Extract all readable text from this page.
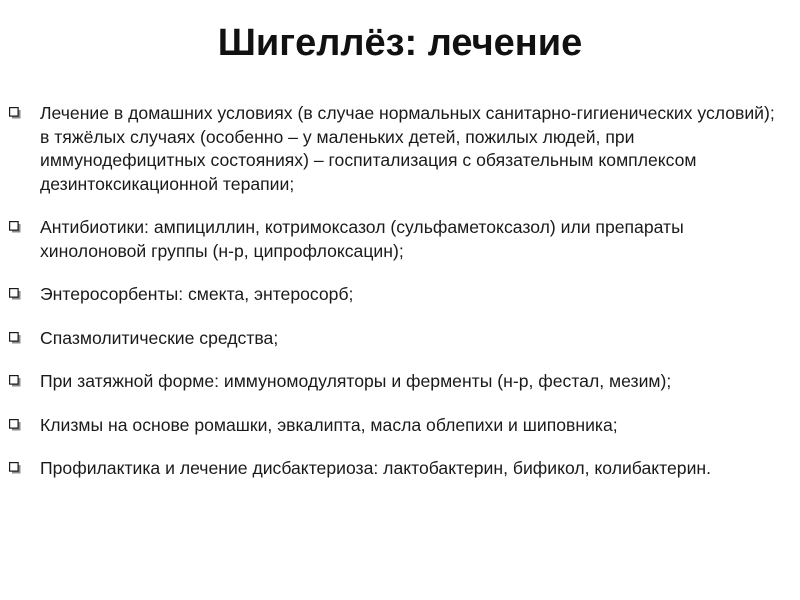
Шигеллёз: лечение
Лечение в домашних условиях (в случае нормальных санитарно-гигиенических условий); в тяжёлых случаях (особенно – у маленьких детей, пожилых людей, при иммунодефицитных состояниях) – госпитализация с обязательным комплексом дезинтоксикационной терапии;
Антибиотики: ампициллин, котримоксазол (сульфаметоксазол) или препараты хинолоновой группы (н-р, ципрофлоксацин);
Энтеросорбенты: смекта, энтеросорб;
Спазмолитические средства;
При затяжной форме: иммуномодуляторы и ферменты (н-р, фестал, мезим);
Клизмы на основе ромашки, эвкалипта, масла облепихи и шиповника;
Профилактика и лечение дисбактериоза: лактобактерин, бификол, колибактерин.
